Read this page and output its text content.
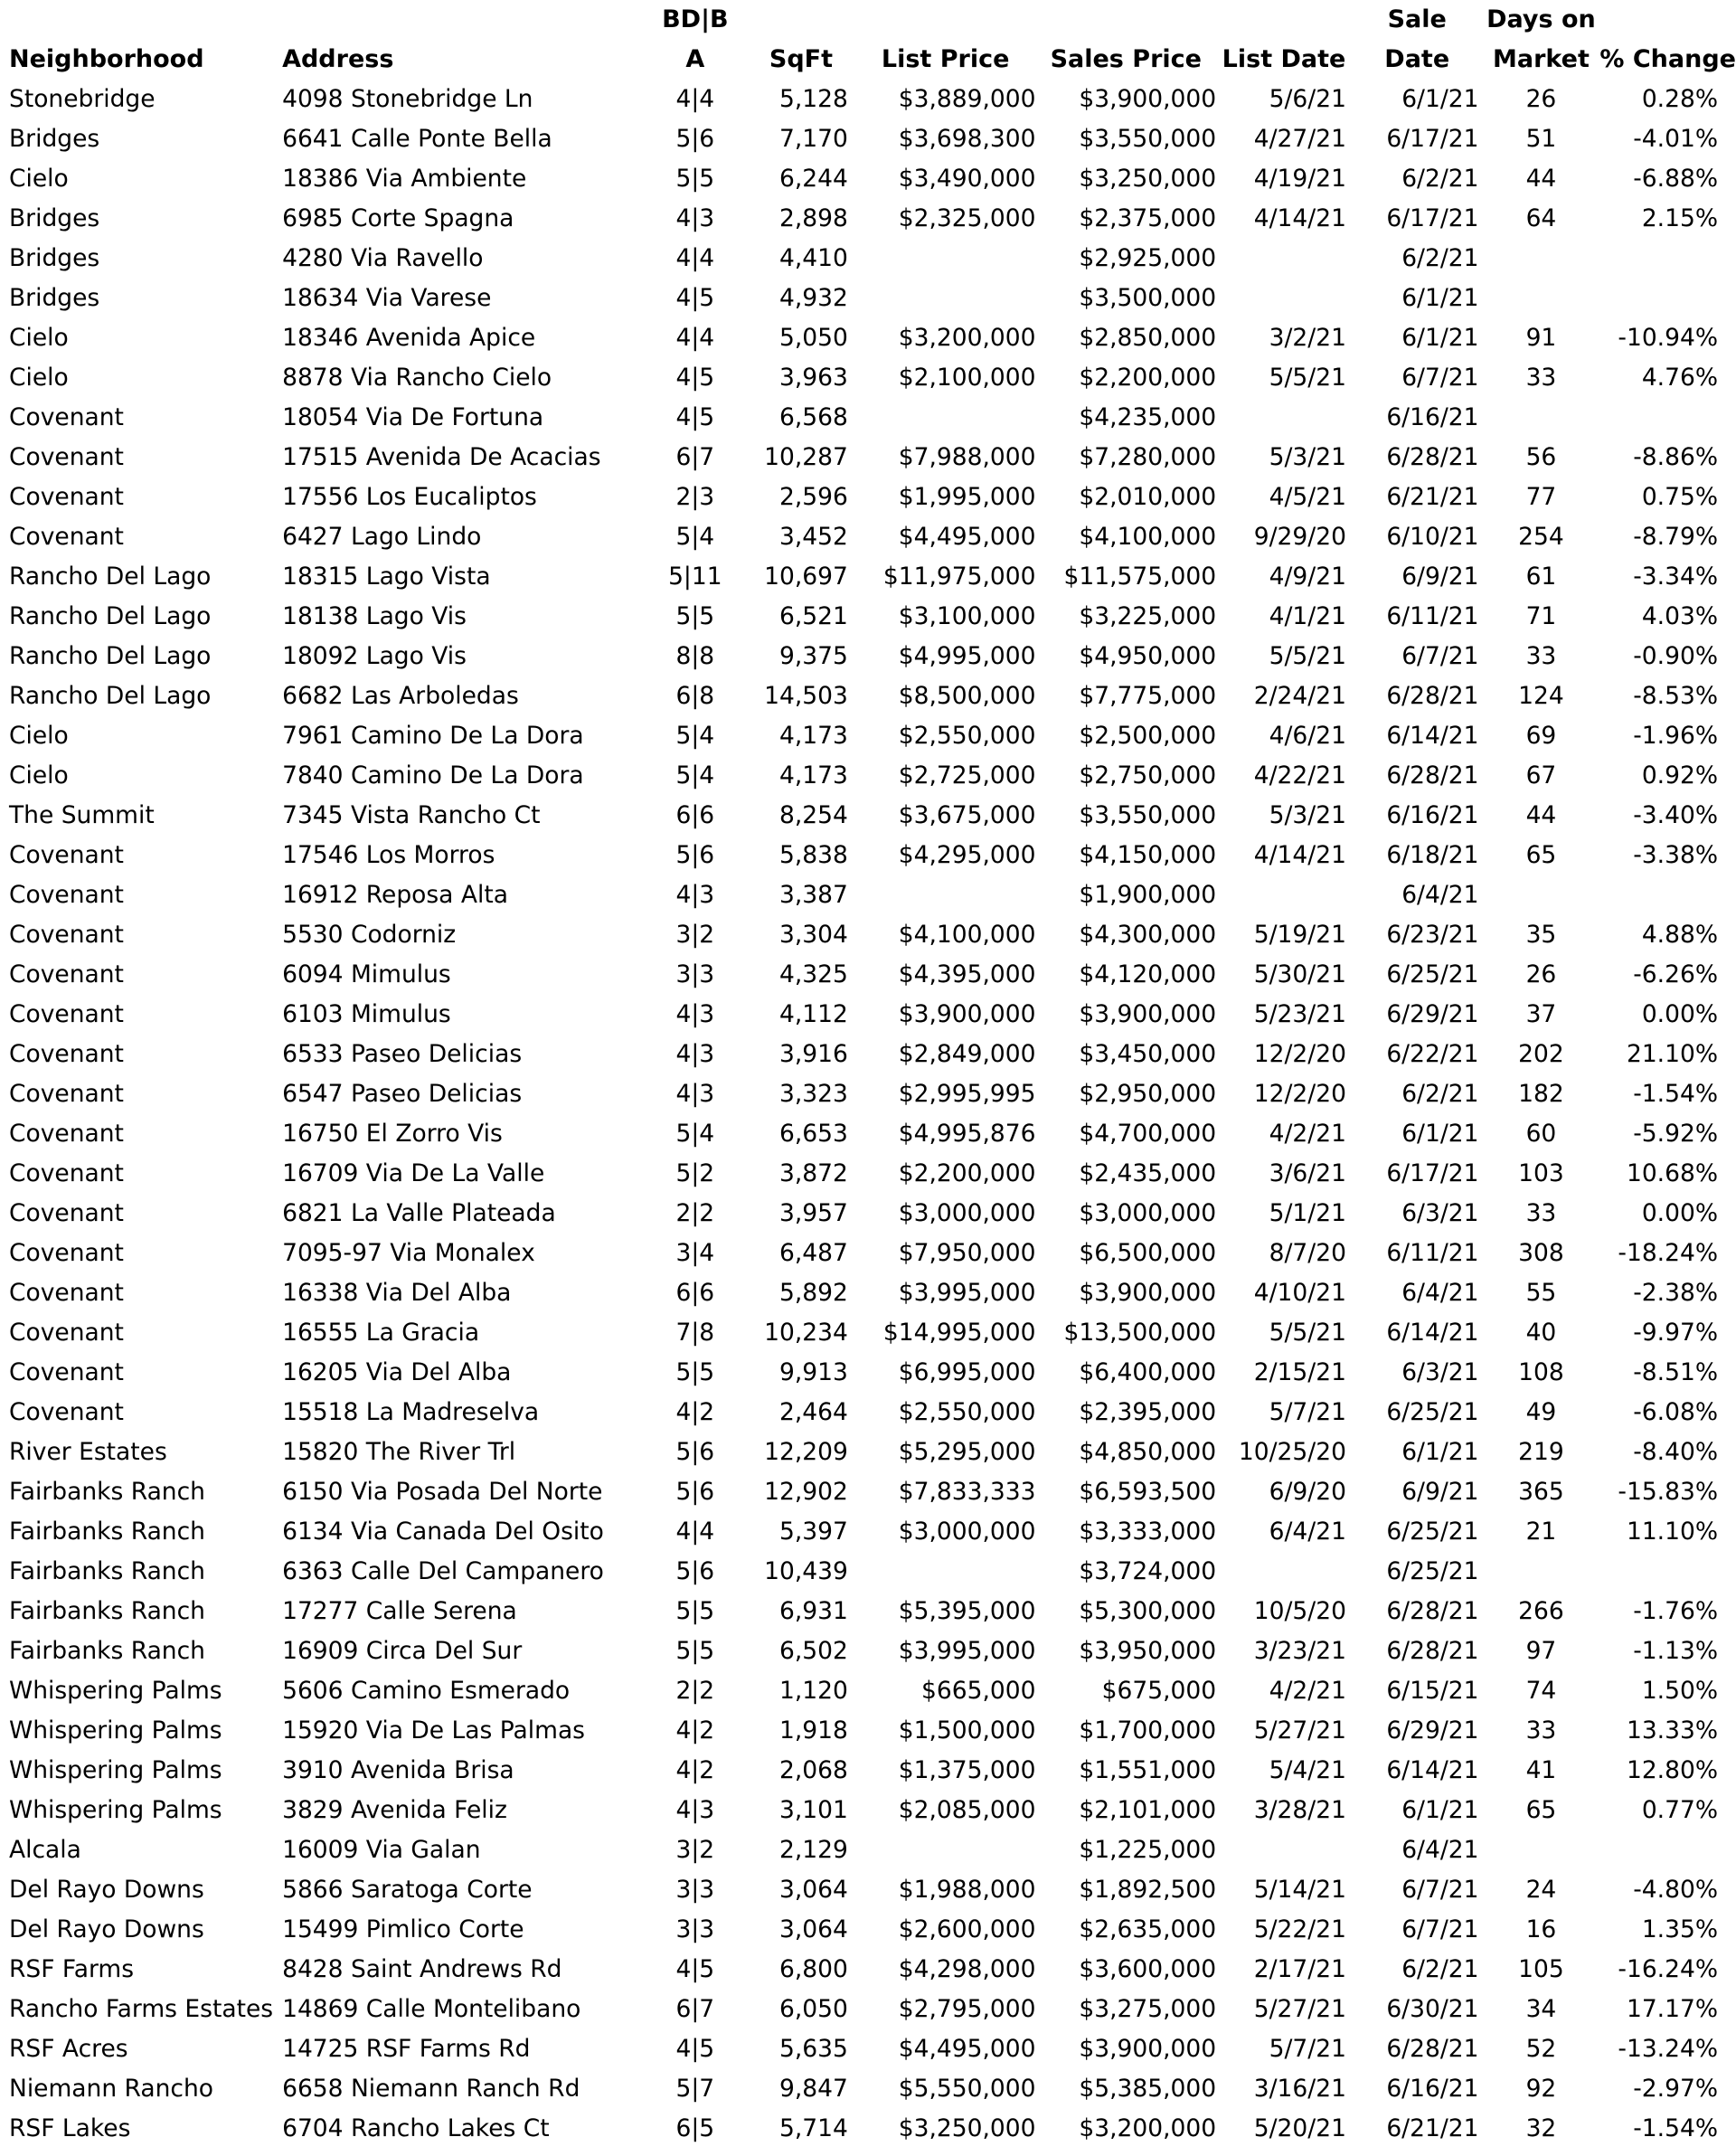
		BD|B					Sale	Days on	
Neighborhood	Address	A	SqFt	List Price	Sales Price	List Date	Date	Market	% Change
Stonebridge	4098 Stonebridge Ln	4|4	5,128	$3,889,000	$3,900,000	5/6/21	6/1/21	26	0.28%
Bridges	6641 Calle Ponte Bella	5|6	7,170	$3,698,300	$3,550,000	4/27/21	6/17/21	51	-4.01%
Cielo	18386 Via Ambiente	5|5	6,244	$3,490,000	$3,250,000	4/19/21	6/2/21	44	-6.88%
Bridges	6985 Corte Spagna	4|3	2,898	$2,325,000	$2,375,000	4/14/21	6/17/21	64	2.15%
Bridges	4280 Via Ravello	4|4	4,410		$2,925,000		6/2/21		
Bridges	18634 Via Varese	4|5	4,932		$3,500,000		6/1/21		
Cielo	18346 Avenida Apice	4|4	5,050	$3,200,000	$2,850,000	3/2/21	6/1/21	91	-10.94%
Cielo	8878 Via Rancho Cielo	4|5	3,963	$2,100,000	$2,200,000	5/5/21	6/7/21	33	4.76%
Covenant	18054 Via De Fortuna	4|5	6,568		$4,235,000		6/16/21		
Covenant	17515 Avenida De Acacias	6|7	10,287	$7,988,000	$7,280,000	5/3/21	6/28/21	56	-8.86%
Covenant	17556 Los Eucaliptos	2|3	2,596	$1,995,000	$2,010,000	4/5/21	6/21/21	77	0.75%
Covenant	6427 Lago Lindo	5|4	3,452	$4,495,000	$4,100,000	9/29/20	6/10/21	254	-8.79%
Rancho Del Lago	18315 Lago Vista	5|11	10,697	$11,975,000	$11,575,000	4/9/21	6/9/21	61	-3.34%
Rancho Del Lago	18138 Lago Vis	5|5	6,521	$3,100,000	$3,225,000	4/1/21	6/11/21	71	4.03%
Rancho Del Lago	18092 Lago Vis	8|8	9,375	$4,995,000	$4,950,000	5/5/21	6/7/21	33	-0.90%
Rancho Del Lago	6682 Las Arboledas	6|8	14,503	$8,500,000	$7,775,000	2/24/21	6/28/21	124	-8.53%
Cielo	7961 Camino De La Dora	5|4	4,173	$2,550,000	$2,500,000	4/6/21	6/14/21	69	-1.96%
Cielo	7840 Camino De La Dora	5|4	4,173	$2,725,000	$2,750,000	4/22/21	6/28/21	67	0.92%
The Summit	7345 Vista Rancho Ct	6|6	8,254	$3,675,000	$3,550,000	5/3/21	6/16/21	44	-3.40%
Covenant	17546 Los Morros	5|6	5,838	$4,295,000	$4,150,000	4/14/21	6/18/21	65	-3.38%
Covenant	16912 Reposa Alta	4|3	3,387		$1,900,000		6/4/21		
Covenant	5530 Codorniz	3|2	3,304	$4,100,000	$4,300,000	5/19/21	6/23/21	35	4.88%
Covenant	6094 Mimulus	3|3	4,325	$4,395,000	$4,120,000	5/30/21	6/25/21	26	-6.26%
Covenant	6103 Mimulus	4|3	4,112	$3,900,000	$3,900,000	5/23/21	6/29/21	37	0.00%
Covenant	6533 Paseo Delicias	4|3	3,916	$2,849,000	$3,450,000	12/2/20	6/22/21	202	21.10%
Covenant	6547 Paseo Delicias	4|3	3,323	$2,995,995	$2,950,000	12/2/20	6/2/21	182	-1.54%
Covenant	16750 El Zorro Vis	5|4	6,653	$4,995,876	$4,700,000	4/2/21	6/1/21	60	-5.92%
Covenant	16709 Via De La Valle	5|2	3,872	$2,200,000	$2,435,000	3/6/21	6/17/21	103	10.68%
Covenant	6821 La Valle Plateada	2|2	3,957	$3,000,000	$3,000,000	5/1/21	6/3/21	33	0.00%
Covenant	7095-97 Via Monalex	3|4	6,487	$7,950,000	$6,500,000	8/7/20	6/11/21	308	-18.24%
Covenant	16338 Via Del Alba	6|6	5,892	$3,995,000	$3,900,000	4/10/21	6/4/21	55	-2.38%
Covenant	16555 La Gracia	7|8	10,234	$14,995,000	$13,500,000	5/5/21	6/14/21	40	-9.97%
Covenant	16205 Via Del Alba	5|5	9,913	$6,995,000	$6,400,000	2/15/21	6/3/21	108	-8.51%
Covenant	15518 La Madreselva	4|2	2,464	$2,550,000	$2,395,000	5/7/21	6/25/21	49	-6.08%
River Estates	15820 The River Trl	5|6	12,209	$5,295,000	$4,850,000	10/25/20	6/1/21	219	-8.40%
Fairbanks Ranch	6150 Via Posada Del Norte	5|6	12,902	$7,833,333	$6,593,500	6/9/20	6/9/21	365	-15.83%
Fairbanks Ranch	6134 Via Canada Del Osito	4|4	5,397	$3,000,000	$3,333,000	6/4/21	6/25/21	21	11.10%
Fairbanks Ranch	6363 Calle Del Campanero	5|6	10,439		$3,724,000		6/25/21		
Fairbanks Ranch	17277 Calle Serena	5|5	6,931	$5,395,000	$5,300,000	10/5/20	6/28/21	266	-1.76%
Fairbanks Ranch	16909 Circa Del Sur	5|5	6,502	$3,995,000	$3,950,000	3/23/21	6/28/21	97	-1.13%
Whispering Palms	5606 Camino Esmerado	2|2	1,120	$665,000	$675,000	4/2/21	6/15/21	74	1.50%
Whispering Palms	15920 Via De Las Palmas	4|2	1,918	$1,500,000	$1,700,000	5/27/21	6/29/21	33	13.33%
Whispering Palms	3910 Avenida Brisa	4|2	2,068	$1,375,000	$1,551,000	5/4/21	6/14/21	41	12.80%
Whispering Palms	3829 Avenida Feliz	4|3	3,101	$2,085,000	$2,101,000	3/28/21	6/1/21	65	0.77%
Alcala	16009 Via Galan	3|2	2,129		$1,225,000		6/4/21		
Del Rayo Downs	5866 Saratoga Corte	3|3	3,064	$1,988,000	$1,892,500	5/14/21	6/7/21	24	-4.80%
Del Rayo Downs	15499 Pimlico Corte	3|3	3,064	$2,600,000	$2,635,000	5/22/21	6/7/21	16	1.35%
RSF Farms	8428 Saint Andrews Rd	4|5	6,800	$4,298,000	$3,600,000	2/17/21	6/2/21	105	-16.24%
Rancho Farms Estates	14869 Calle Montelibano	6|7	6,050	$2,795,000	$3,275,000	5/27/21	6/30/21	34	17.17%
RSF Acres	14725 RSF Farms Rd	4|5	5,635	$4,495,000	$3,900,000	5/7/21	6/28/21	52	-13.24%
Niemann Rancho	6658 Niemann Ranch Rd	5|7	9,847	$5,550,000	$5,385,000	3/16/21	6/16/21	92	-2.97%
RSF Lakes	6704 Rancho Lakes Ct	6|5	5,714	$3,250,000	$3,200,000	5/20/21	6/21/21	32	-1.54%
